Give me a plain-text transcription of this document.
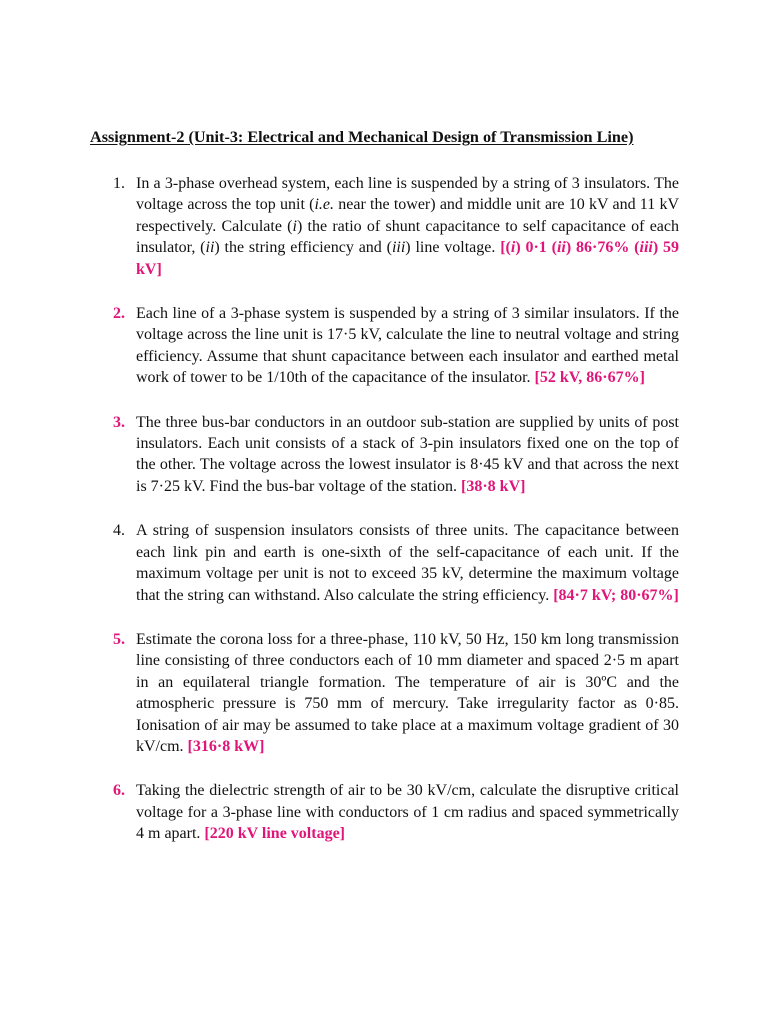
Assignment-2 (Unit-3: Electrical and Mechanical Design of Transmission Line)
1. In a 3-phase overhead system, each line is suspended by a string of 3 insulators. The voltage across the top unit (i.e. near the tower) and middle unit are 10 kV and 11 kV respectively. Calculate (i) the ratio of shunt capacitance to self capacitance of each insulator, (ii) the string efficiency and (iii) line voltage. [(i) 0·1 (ii) 86·76% (iii) 59 kV]
2. Each line of a 3-phase system is suspended by a string of 3 similar insulators. If the voltage across the line unit is 17·5 kV, calculate the line to neutral voltage and string efficiency. Assume that shunt capacitance between each insulator and earthed metal work of tower to be 1/10th of the capacitance of the insulator. [52 kV, 86·67%]
3. The three bus-bar conductors in an outdoor sub-station are supplied by units of post insulators. Each unit consists of a stack of 3-pin insulators fixed one on the top of the other. The voltage across the lowest insulator is 8·45 kV and that across the next is 7·25 kV. Find the bus-bar voltage of the station. [38·8 kV]
4. A string of suspension insulators consists of three units. The capacitance between each link pin and earth is one-sixth of the self-capacitance of each unit. If the maximum voltage per unit is not to exceed 35 kV, determine the maximum voltage that the string can withstand. Also calculate the string efficiency. [84·7 kV; 80·67%]
5. Estimate the corona loss for a three-phase, 110 kV, 50 Hz, 150 km long transmission line consisting of three conductors each of 10 mm diameter and spaced 2·5 m apart in an equilateral triangle formation. The temperature of air is 30ºC and the atmospheric pressure is 750 mm of mercury. Take irregularity factor as 0·85. Ionisation of air may be assumed to take place at a maximum voltage gradient of 30 kV/cm. [316·8 kW]
6. Taking the dielectric strength of air to be 30 kV/cm, calculate the disruptive critical voltage for a 3-phase line with conductors of 1 cm radius and spaced symmetrically 4 m apart. [220 kV line voltage]
